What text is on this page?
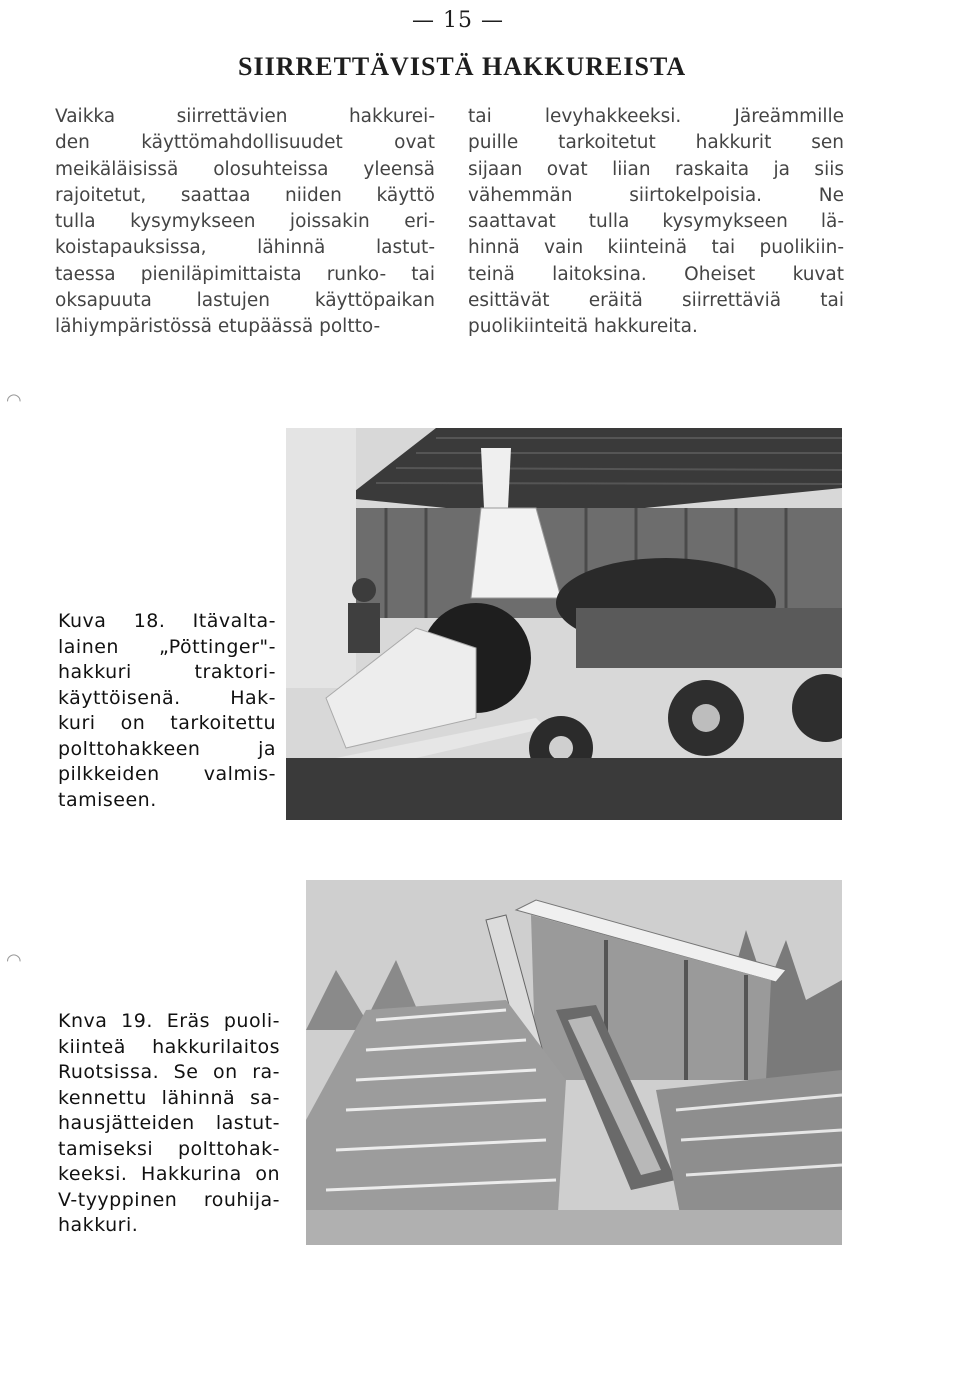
— 15 —
SIIRRETTÄVISTÄ HAKKUREISTA
Vaikka siirrettävien hakkurei-
den käyttömahdollisuudet ovat
meikäläisissä olosuhteissa yleensä
rajoitetut, saattaa niiden käyttö
tulla kysymykseen joissakin eri-
koistapauksissa, lähinnä lastut-
taessa pieniläpimittaista runko- tai
oksapuuta lastujen käyttöpaikan
lähiympäristössä etupäässä poltto-
tai levyhakkeeksi. Järeämmille
puille tarkoitetut hakkurit sen
sijaan ovat liian raskaita ja siis
vähemmän siirtokelpoisia. Ne
saattavat tulla kysymykseen lä-
hinnä vain kiinteinä tai puolikiin-
teinä laitoksina. Oheiset kuvat
esittävät eräitä siirrettäviä tai
puolikiinteitä hakkureita.
◠
◠
Kuva 18. Itävalta-
lainen „Pöttinger"-
hakkuri traktori-
käyttöisenä. Hak-
kuri on tarkoitettu
polttohakkeen ja
pilkkeiden valmis-
tamiseen.
Knva 19. Eräs puoli-
kiinteä hakkurilaitos
Ruotsissa. Se on ra-
kennettu lähinnä sa-
hausjätteiden lastut-
tamiseksi polttohak-
keeksi. Hakkurina on
V-tyyppinen rouhija-
hakkuri.
